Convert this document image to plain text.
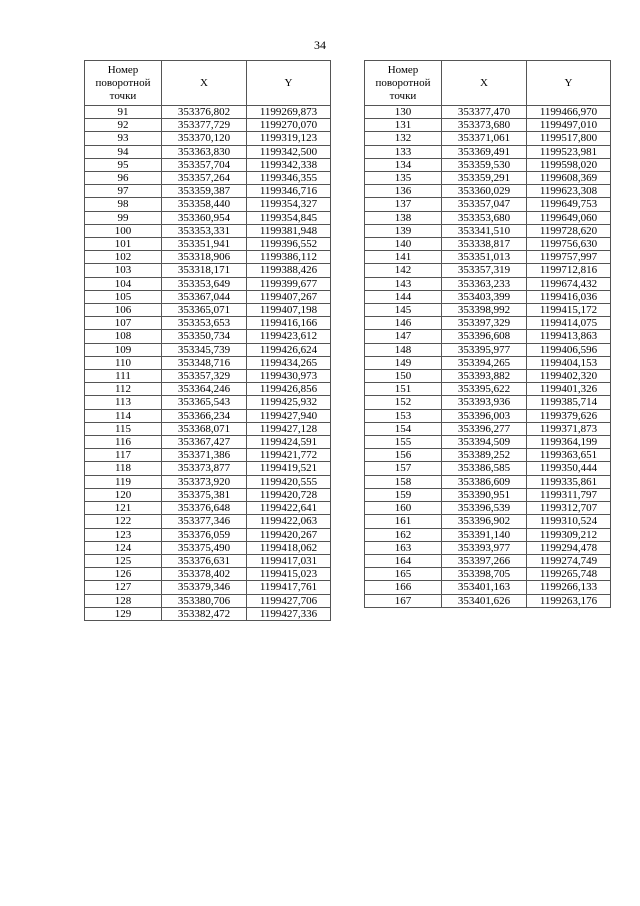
34
Номер поворотной точки	X	Y
91	353376,802	1199269,873
92	353377,729	1199270,070
93	353370,120	1199319,123
94	353363,830	1199342,500
95	353357,704	1199342,338
96	353357,264	1199346,355
97	353359,387	1199346,716
98	353358,440	1199354,327
99	353360,954	1199354,845
100	353353,331	1199381,948
101	353351,941	1199396,552
102	353318,906	1199386,112
103	353318,171	1199388,426
104	353353,649	1199399,677
105	353367,044	1199407,267
106	353365,071	1199407,198
107	353353,653	1199416,166
108	353350,734	1199423,612
109	353345,739	1199426,624
110	353348,716	1199434,265
111	353357,329	1199430,973
112	353364,246	1199426,856
113	353365,543	1199425,932
114	353366,234	1199427,940
115	353368,071	1199427,128
116	353367,427	1199424,591
117	353371,386	1199421,772
118	353373,877	1199419,521
119	353373,920	1199420,555
120	353375,381	1199420,728
121	353376,648	1199422,641
122	353377,346	1199422,063
123	353376,059	1199420,267
124	353375,490	1199418,062
125	353376,631	1199417,031
126	353378,402	1199415,023
127	353379,346	1199417,761
128	353380,706	1199427,706
129	353382,472	1199427,336
Номер поворотной точки	X	Y
130	353377,470	1199466,970
131	353373,680	1199497,010
132	353371,061	1199517,800
133	353369,491	1199523,981
134	353359,530	1199598,020
135	353359,291	1199608,369
136	353360,029	1199623,308
137	353357,047	1199649,753
138	353353,680	1199649,060
139	353341,510	1199728,620
140	353338,817	1199756,630
141	353351,013	1199757,997
142	353357,319	1199712,816
143	353363,233	1199674,432
144	353403,399	1199416,036
145	353398,992	1199415,172
146	353397,329	1199414,075
147	353396,608	1199413,863
148	353395,977	1199406,596
149	353394,265	1199404,153
150	353393,882	1199402,320
151	353395,622	1199401,326
152	353393,936	1199385,714
153	353396,003	1199379,626
154	353396,277	1199371,873
155	353394,509	1199364,199
156	353389,252	1199363,651
157	353386,585	1199350,444
158	353386,609	1199335,861
159	353390,951	1199311,797
160	353396,539	1199312,707
161	353396,902	1199310,524
162	353391,140	1199309,212
163	353393,977	1199294,478
164	353397,266	1199274,749
165	353398,705	1199265,748
166	353401,163	1199266,133
167	353401,626	1199263,176
